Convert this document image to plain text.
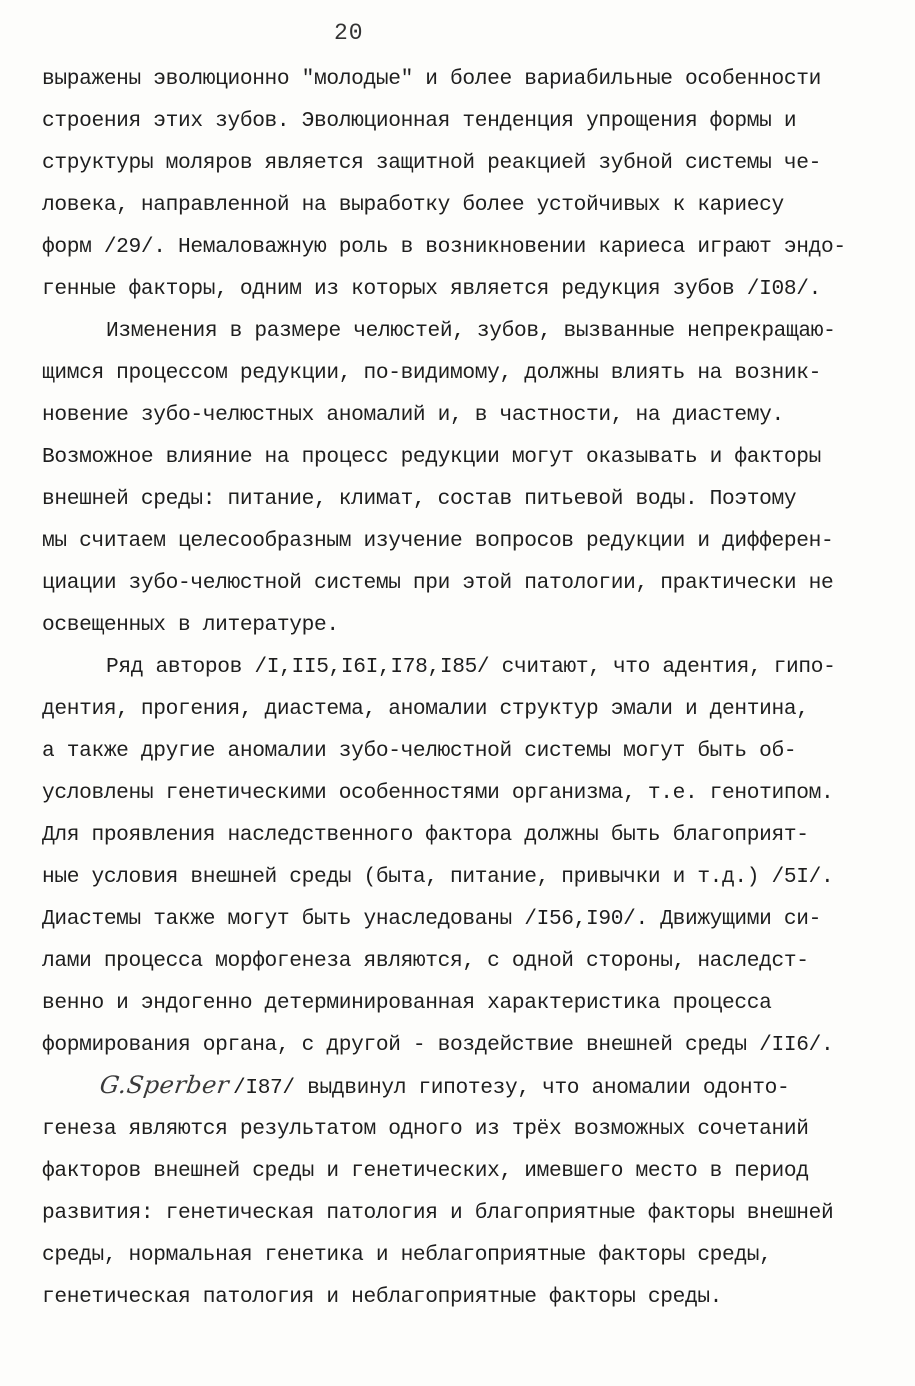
20
выражены эволюционно "молодые" и более вариабильные особенности
строения этих зубов. Эволюционная тенденция упрощения формы и
структуры моляров является защитной реакцией зубной системы че-
ловека, направленной на выработку более устойчивых к кариесу
форм /29/. Немаловажную роль в возникновении кариеса играют эндо-
генные факторы, одним из которых является редукция зубов /I08/.
Изменения в размере челюстей, зубов, вызванные непрекращаю-
щимся процессом редукции, по-видимому, должны влиять на возник-
новение зубо-челюстных аномалий и, в частности, на диастему.
Возможное влияние на процесс редукции могут оказывать и факторы
внешней среды: питание, климат, состав питьевой воды. Поэтому
мы считаем целесообразным изучение вопросов редукции и дифферен-
циации зубо-челюстной системы при этой патологии, практически не
освещенных в литературе.
Ряд авторов /I,II5,I6I,I78,I85/ считают, что адентия, гипо-
дентия, прогения, диастема, аномалии структур эмали и дентина,
а также другие аномалии зубо-челюстной системы могут быть об-
условлены генетическими особенностями организма, т.е. генотипом.
Для проявления наследственного фактора должны быть благоприят-
ные условия внешней среды (быта, питание, привычки и т.д.) /5I/.
Диастемы также могут быть унаследованы /I56,I90/. Движущими си-
лами процесса морфогенеза являются, с одной стороны, наследст-
венно и эндогенно детерминированная характеристика процесса
формирования органа, с другой - воздействие внешней среды /II6/.
G.Sperber/I87/ выдвинул гипотезу, что аномалии одонто-
генеза являются результатом одного из трёх возможных сочетаний
факторов внешней среды и генетических, имевшего место в период
развития: генетическая патология и благоприятные факторы внешней
среды, нормальная генетика и неблагоприятные факторы среды,
генетическая патология и неблагоприятные факторы среды.
